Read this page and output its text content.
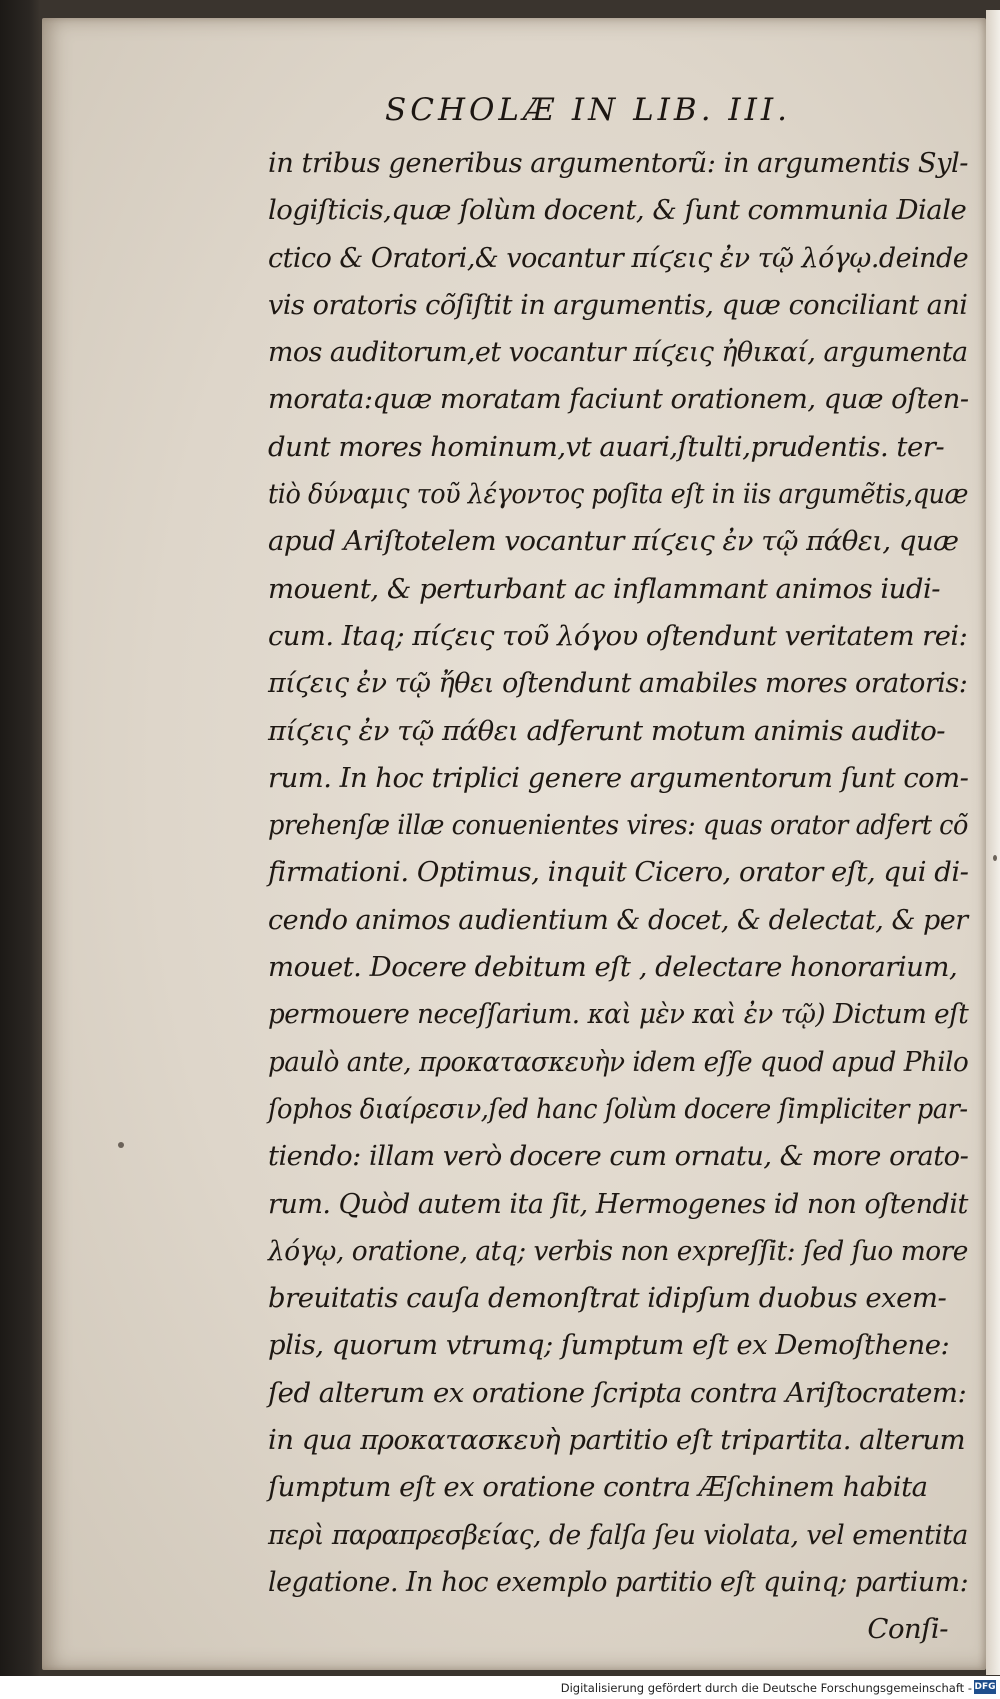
SCHOLÆ IN LIB. III.
in tribus generibus argumentorũ: in argumentis Syl-
logiſticis,quæ ſolùm docent, & ſunt communia Diale
ctico & Oratori,& vocantur πίϛεις ἐν τῷ λόγῳ.deinde
vis oratoris cõſiſtit in argumentis, quæ conciliant ani
mos auditorum,et vocantur πίϛεις ἠθικαί, argumenta
morata:quæ moratam faciunt orationem, quæ oſten-
dunt mores hominum,vt auari,ſtulti,prudentis. ter-
tiò δύναμις τοῦ λέγοντος poſita eſt in iis argumẽtis,quæ
apud Ariſtotelem vocantur πίϛεις ἐν τῷ πάθει, quæ
mouent, & perturbant ac inflammant animos iudi-
cum. Itaq; πίϛεις τοῦ λόγου oſtendunt veritatem rei:
πίϛεις ἐν τῷ ἤθει oſtendunt amabiles mores oratoris:
πίϛεις ἐν τῷ πάθει adferunt motum animis audito-
rum. In hoc triplici genere argumentorum ſunt com-
prehenſæ illæ conuenientes vires: quas orator adfert cõ
firmationi. Optimus, inquit Cicero, orator eſt, qui di-
cendo animos audientium & docet, & delectat, & per
mouet. Docere debitum eſt , delectare honorarium,
permouere neceſſarium. καὶ μὲν καὶ ἐν τῷ) Dictum eſt
paulò ante, προκατασκευὴν idem eſſe quod apud Philo
ſophos διαίρεσιν,ſed hanc ſolùm docere ſimpliciter par-
tiendo: illam verò docere cum ornatu, & more orato-
rum. Quòd autem ita ſit, Hermogenes id non oſtendit
λόγῳ, oratione, atq; verbis non expreſſit: ſed ſuo more
breuitatis cauſa demonſtrat idipſum duobus exem-
plis, quorum vtrumq; ſumptum eſt ex Demoſthene:
ſed alterum ex oratione ſcripta contra Ariſtocratem:
in qua προκατασκευὴ partitio eſt tripartita. alterum
ſumptum eſt ex oratione contra Æſchinem habita
περὶ παραπρεσβείας, de falſa ſeu violata, vel ementita
legatione. In hoc exemplo partitio eſt quinq; partium:
Conſi-
Digitalisierung gefördert durch die Deutsche Forschungsgemeinschaft - DFG
